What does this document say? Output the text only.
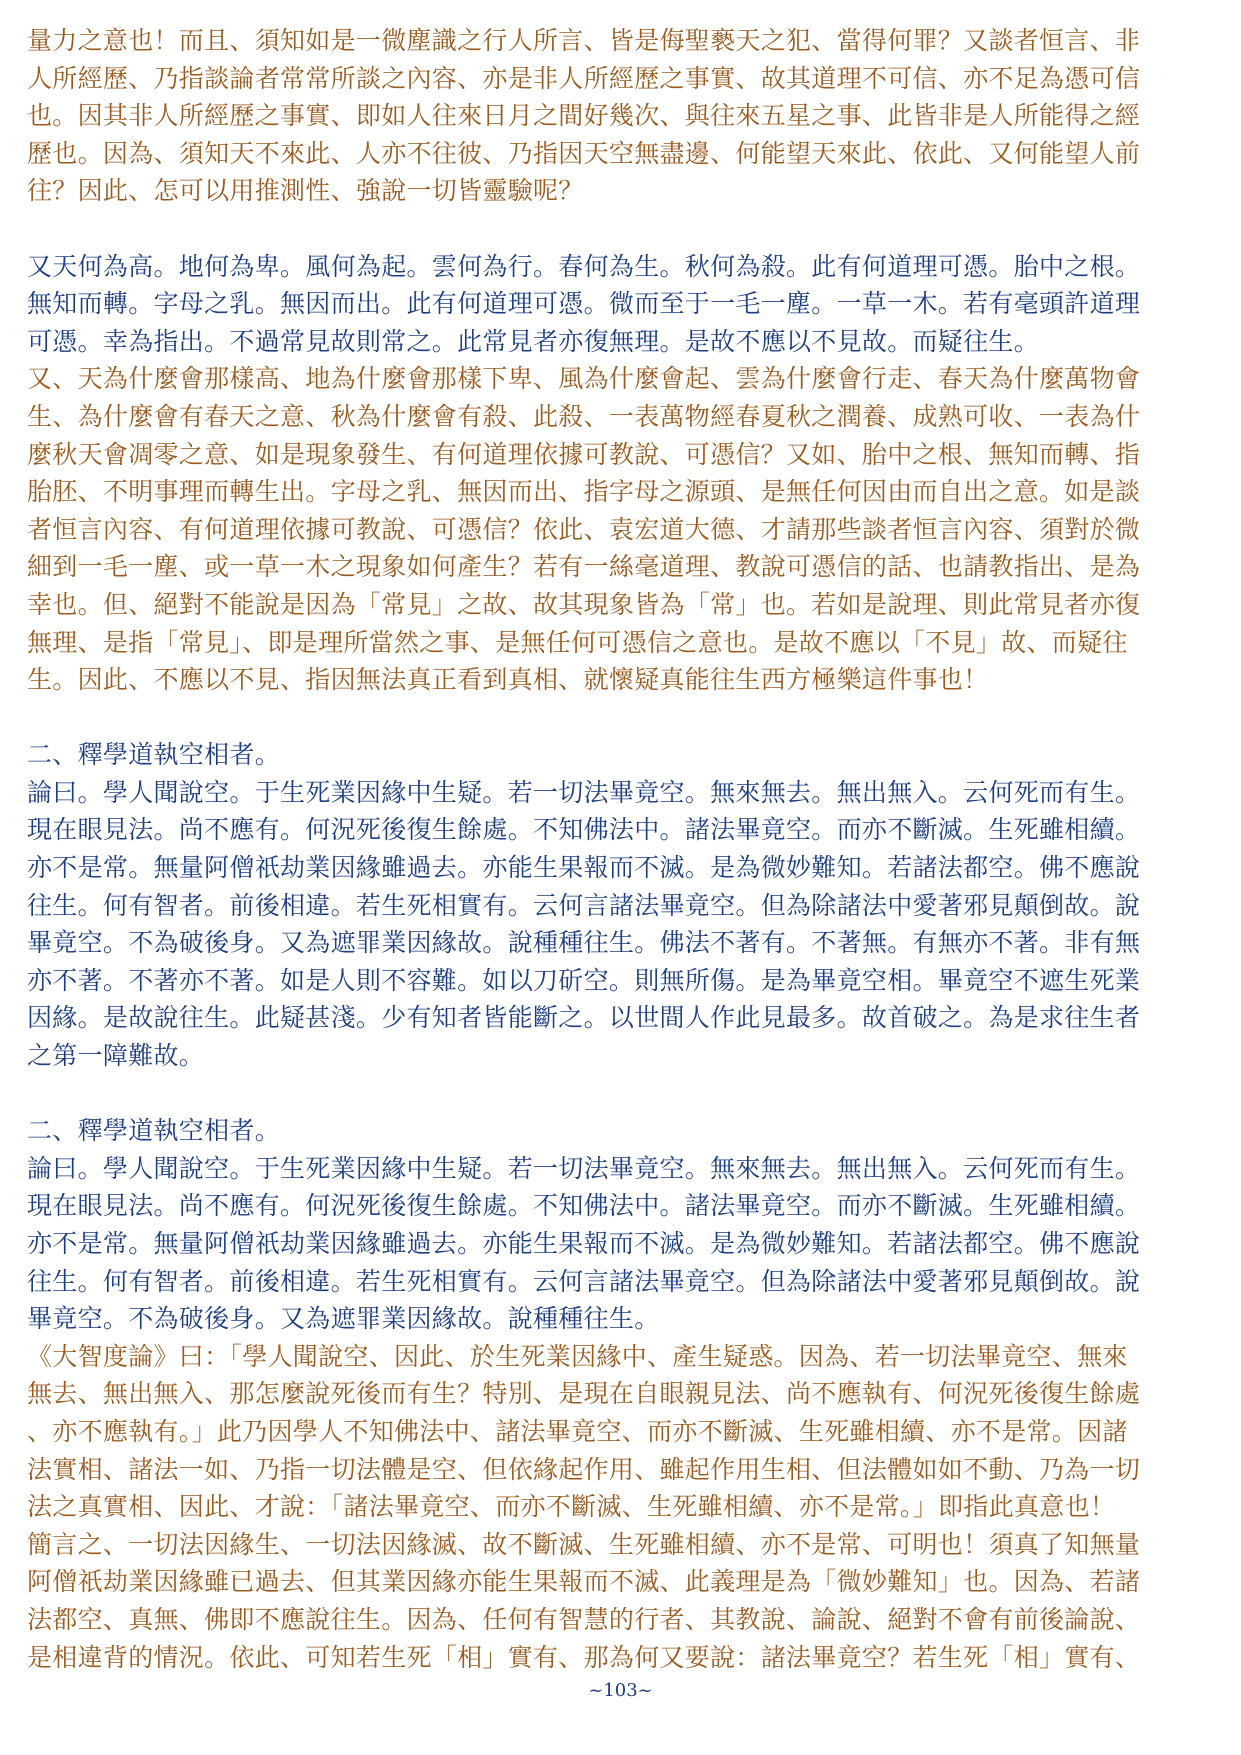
量力之意也！而且、須知如是一微塵識之行人所言、皆是侮聖褻天之犯、當得何罪？又談者恒言、非
人所經歷、乃指談論者常常所談之內容、亦是非人所經歷之事實、故其道理不可信、亦不足為憑可信
也。因其非人所經歷之事實、即如人往來日月之間好幾次、與往來五星之事、此皆非是人所能得之經
歷也。因為、須知天不來此、人亦不往彼、乃指因天空無盡邊、何能望天來此、依此、又何能望人前
往？因此、怎可以用推測性、強說一切皆靈驗呢？
又天何為高。地何為卑。風何為起。雲何為行。春何為生。秋何為殺。此有何道理可憑。胎中之根。
無知而轉。字母之乳。無因而出。此有何道理可憑。微而至于一毛一塵。一草一木。若有毫頭許道理
可憑。幸為指出。不過常見故則常之。此常見者亦復無理。是故不應以不見故。而疑往生。
又、天為什麼會那樣高、地為什麼會那樣下卑、風為什麼會起、雲為什麼會行走、春天為什麼萬物會
生、為什麼會有春天之意、秋為什麼會有殺、此殺、一表萬物經春夏秋之潤養、成熟可收、一表為什
麼秋天會凋零之意、如是現象發生、有何道理依據可教說、可憑信？又如、胎中之根、無知而轉、指
胎胚、不明事理而轉生出。字母之乳、無因而出、指字母之源頭、是無任何因由而自出之意。如是談
者恒言內容、有何道理依據可教說、可憑信？依此、袁宏道大德、才請那些談者恒言內容、須對於微
細到一毛一塵、或一草一木之現象如何產生？若有一絲毫道理、教說可憑信的話、也請教指出、是為
幸也。但、絕對不能說是因為「常見」之故、故其現象皆為「常」也。若如是說理、則此常見者亦復
無理、是指「常見」、即是理所當然之事、是無任何可憑信之意也。是故不應以「不見」故、而疑往
生。因此、不應以不見、指因無法真正看到真相、就懷疑真能往生西方極樂這件事也！
二、釋學道執空相者。
論曰。學人聞說空。于生死業因緣中生疑。若一切法畢竟空。無來無去。無出無入。云何死而有生。
現在眼見法。尚不應有。何況死後復生餘處。不知佛法中。諸法畢竟空。而亦不斷滅。生死雖相續。
亦不是常。無量阿僧祇劫業因緣雖過去。亦能生果報而不滅。是為微妙難知。若諸法都空。佛不應說
往生。何有智者。前後相違。若生死相實有。云何言諸法畢竟空。但為除諸法中愛著邪見顛倒故。說
畢竟空。不為破後身。又為遮罪業因緣故。說種種往生。佛法不著有。不著無。有無亦不著。非有無
亦不著。不著亦不著。如是人則不容難。如以刀斫空。則無所傷。是為畢竟空相。畢竟空不遮生死業
因緣。是故說往生。此疑甚淺。少有知者皆能斷之。以世間人作此見最多。故首破之。為是求往生者
之第一障難故。
二、釋學道執空相者。
論曰。學人聞說空。于生死業因緣中生疑。若一切法畢竟空。無來無去。無出無入。云何死而有生。
現在眼見法。尚不應有。何況死後復生餘處。不知佛法中。諸法畢竟空。而亦不斷滅。生死雖相續。
亦不是常。無量阿僧祇劫業因緣雖過去。亦能生果報而不滅。是為微妙難知。若諸法都空。佛不應說
往生。何有智者。前後相違。若生死相實有。云何言諸法畢竟空。但為除諸法中愛著邪見顛倒故。說
畢竟空。不為破後身。又為遮罪業因緣故。說種種往生。
《大智度論》曰：「學人聞說空、因此、於生死業因緣中、產生疑惑。因為、若一切法畢竟空、無來
無去、無出無入、那怎麼說死後而有生？特別、是現在自眼親見法、尚不應執有、何況死後復生餘處
、亦不應執有。」此乃因學人不知佛法中、諸法畢竟空、而亦不斷滅、生死雖相續、亦不是常。因諸
法實相、諸法一如、乃指一切法體是空、但依緣起作用、雖起作用生相、但法體如如不動、乃為一切
法之真實相、因此、才說：「諸法畢竟空、而亦不斷滅、生死雖相續、亦不是常。」即指此真意也！
簡言之、一切法因緣生、一切法因緣滅、故不斷滅、生死雖相續、亦不是常、可明也！須真了知無量
阿僧祇劫業因緣雖已過去、但其業因緣亦能生果報而不滅、此義理是為「微妙難知」也。因為、若諸
法都空、真無、佛即不應說往生。因為、任何有智慧的行者、其教說、論說、絕對不會有前後論說、
是相違背的情況。依此、可知若生死「相」實有、那為何又要說：諸法畢竟空？若生死「相」實有、
~103~
